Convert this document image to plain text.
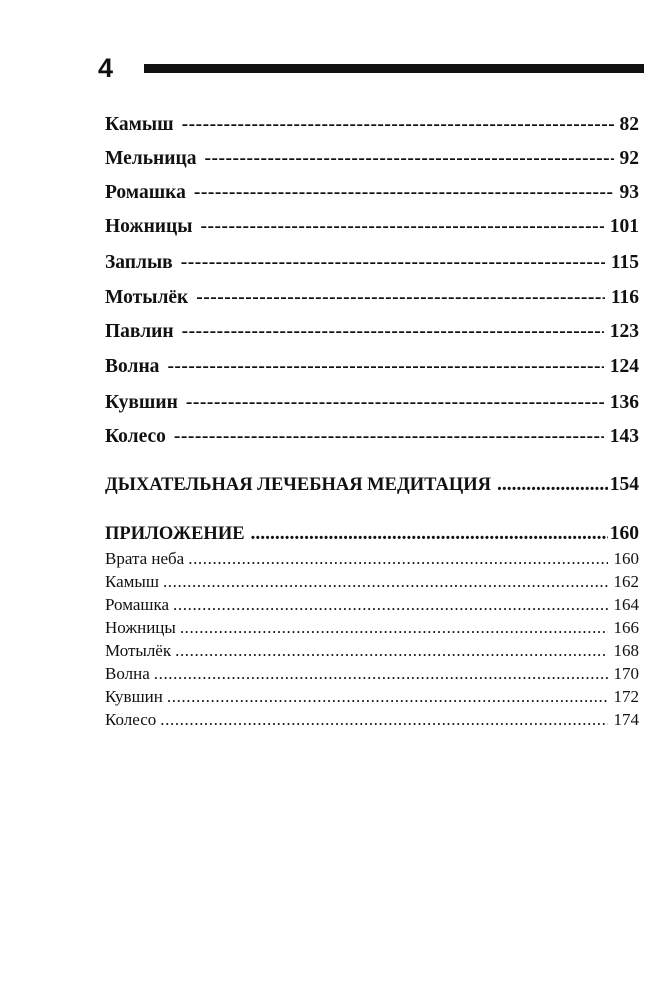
4
Камыш -----	82
Мельница -----	92
Ромашка -----	93
Ножницы -----	101
Заплыв -----	115
Мотылёк -----	116
Павлин -----	123
Волна -----	124
Кувшин -----	136
Колесо -----	143
ДЫХАТЕЛЬНАЯ ЛЕЧЕБНАЯ МЕДИТАЦИЯ .....	154
ПРИЛОЖЕНИЕ .....	160
Врата неба .....	160
Камыш .....	162
Ромашка .....	164
Ножницы .....	166
Мотылёк .....	168
Волна .....	170
Кувшин .....	172
Колесо .....	174
